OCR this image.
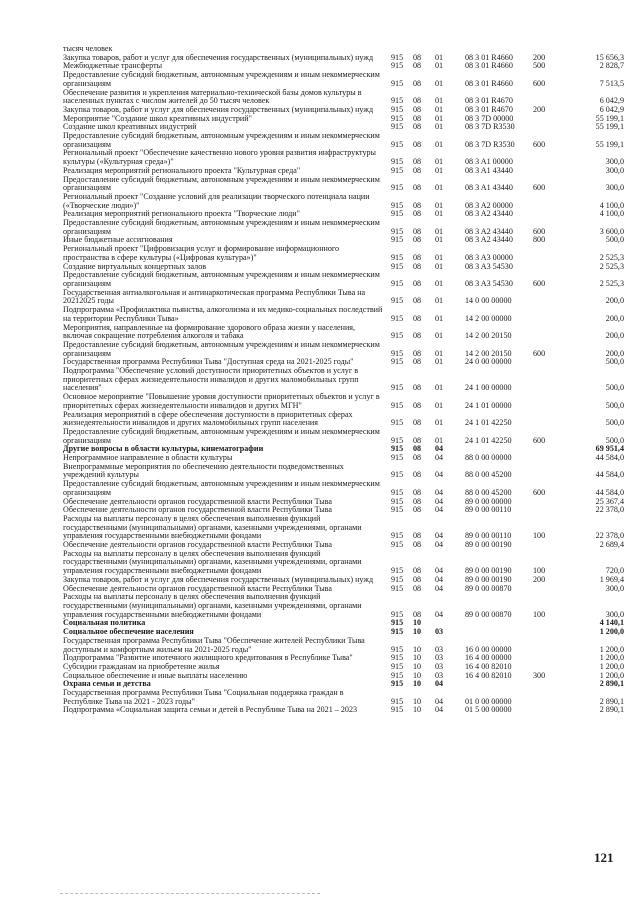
тысяч человек						
Закупка товаров, работ и услуг для обеспечения государственных (муниципальных) нужд	915	08	01	08 3 01 R4660	200	15 656,3
Межбюджетные трансферты	915	08	01	08 3 01 R4660	500	2 828,7
Предоставление субсидий бюджетным, автономным учреждениям и иным некоммерческим организациям	915	08	01	08 3 01 R4660	600	7 513,5
Обеспечение развития и укрепления материально-технической базы домов культуры в населенных пунктах с числом жителей до 50 тысяч человек	915	08	01	08 3 01 R4670		6 042,9
Закупка товаров, работ и услуг для обеспечения государственных (муниципальных) нужд	915	08	01	08 3 01 R4670	200	6 042,9
Мероприятие "Создание школ креативных индустрий"	915	08	01	08 3 7D 00000		55 199,1
Создание школ креативных индустрий	915	08	01	08 3 7D R3530		55 199,1
Предоставление субсидий бюджетным, автономным учреждениям и иным некоммерческим организациям	915	08	01	08 3 7D R3530	600	55 199,1
Региональный проект "Обеспечение качественно нового уровня развития инфраструктуры культуры («Культурная среда»)"	915	08	01	08 3 A1 00000		300,0
Реализация мероприятий регионального проекта "Культурная среда"	915	08	01	08 3 A1 43440		300,0
Предоставление субсидий бюджетным, автономным учреждениям и иным некоммерческим организациям	915	08	01	08 3 A1 43440	600	300,0
Региональный проект "Создание условий для реализации творческого потенциала нации («Творческие люди»)"	915	08	01	08 3 A2 00000		4 100,0
Реализация мероприятий регионального проекта "Творческие люди"	915	08	01	08 3 A2 43440		4 100,0
Предоставление субсидий бюджетным, автономным учреждениям и иным некоммерческим организациям	915	08	01	08 3 A2 43440	600	3 600,0
Иные бюджетные ассигнования	915	08	01	08 3 A2 43440	800	500,0
Региональный проект "Цифровизация услуг и формирование информационного пространства в сфере культуры («Цифровая культура»)"	915	08	01	08 3 A3 00000		2 525,3
Создание виртуальных концертных залов	915	08	01	08 3 A3 54530		2 525,3
Предоставление субсидий бюджетным, автономным учреждениям и иным некоммерческим организациям	915	08	01	08 3 A3 54530	600	2 525,3
Государственная антиалкогольная и антинаркотическая программа Республики Тыва на 20212025 годы	915	08	01	14 0 00 00000		200,0
Подпрограмма «Профилактика пьянства, алкоголизма и их медико-социальных последствий на территории Республики Тыва»	915	08	01	14 2 00 00000		200,0
Мероприятия, направленные на формирование здорового образа жизни у населения, включая сокращение потребления алкоголя и табака	915	08	01	14 2 00 20150		200,0
Предоставление субсидий бюджетным, автономным учреждениям и иным некоммерческим организациям	915	08	01	14 2 00 20150	600	200,0
Государственная программа Республики Тыва "Доступная среда на 2021-2025 годы"	915	08	01	24 0 00 00000		500,0
Подпрограмма "Обеспечение условий доступности приоритетных объектов и услуг в приоритетных сферах жизнедеятельности инвалидов и других маломобильных групп населения"	915	08	01	24 1 00 00000		500,0
Основное мероприятие "Повышение уровня доступности приоритетных объектов и услуг в приоритетных сферах жизнедеятельности инвалидов и других МГН"	915	08	01	24 1 01 00000		500,0
Реализация мероприятий в сфере обеспечения доступности в приоритетных сферах жизнедеятельности инвалидов и других маломобильных групп населения	915	08	01	24 1 01 42250		500,0
Предоставление субсидий бюджетным, автономным учреждениям и иным некоммерческим организациям	915	08	01	24 1 01 42250	600	500,0
Другие вопросы в области культуры, кинематографии	915	08	04			69 951,4
Непрограммное направление в области культуры	915	08	04	88 0 00 00000		44 584,0
Внепрограммные мероприятия по обеспечению деятельности подведомственных учреждений культуры	915	08	04	88 0 00 45200		44 584,0
Предоставление субсидий бюджетным, автономным учреждениям и иным некоммерческим организациям	915	08	04	88 0 00 45200	600	44 584,0
Обеспечение деятельности органов государственной власти Республики Тыва	915	08	04	89 0 00 00000		25 367,4
Обеспечение деятельности органов государственной власти Республики Тыва	915	08	04	89 0 00 00110		22 378,0
Расходы на выплаты персоналу в целях обеспечения выполнения функций государственными (муниципальными) органами, казенными учреждениями, органами управления государственными внебюджетными фондами	915	08	04	89 0 00 00110	100	22 378,0
Обеспечение деятельности органов государственной власти Республики Тыва	915	08	04	89 0 00 00190		2 689,4
Расходы на выплаты персоналу в целях обеспечения выполнения функций государственными (муниципальными) органами, казенными учреждениями, органами управления государственными внебюджетными фондами	915	08	04	89 0 00 00190	100	720,0
Закупка товаров, работ и услуг для обеспечения государственных (муниципальных) нужд	915	08	04	89 0 00 00190	200	1 969,4
Обеспечение деятельности органов государственной власти Республики Тыва	915	08	04	89 0 00 00870		300,0
Расходы на выплаты персоналу в целях обеспечения выполнения функций государственными (муниципальными) органами, казенными учреждениями, органами управления государственными внебюджетными фондами	915	08	04	89 0 00 00870	100	300,0
Социальная политика	915	10				4 140,1
Социальное обеспечение населения	915	10	03			1 200,0
Государственная программа Республики Тыва "Обеспечение жителей Республики Тыва доступным и комфортным жильем на 2021-2025 годы"	915	10	03	16 0 00 00000		1 200,0
Подпрограмма "Развитие ипотечного жилищного кредитования в Республике Тыва"	915	10	03	16 4 00 00000		1 200,0
Субсидии гражданам на приобретение жилья	915	10	03	16 4 00 82010		1 200,0
Социальное обеспечение и иные выплаты населению	915	10	03	16 4 00 82010	300	1 200,0
Охрана семьи и детства	915	10	04			2 890,1
Государственная программа Республики Тыва "Социальная поддержка граждан в Республике Тыва на 2021 - 2023 годы"	915	10	04	01 0 00 00000		2 890,1
Подпрограмма «Социальная защита семьи и детей в Республике Тыва на 2021 – 2023	915	10	04	01 5 00 00000		2 890,1
121
